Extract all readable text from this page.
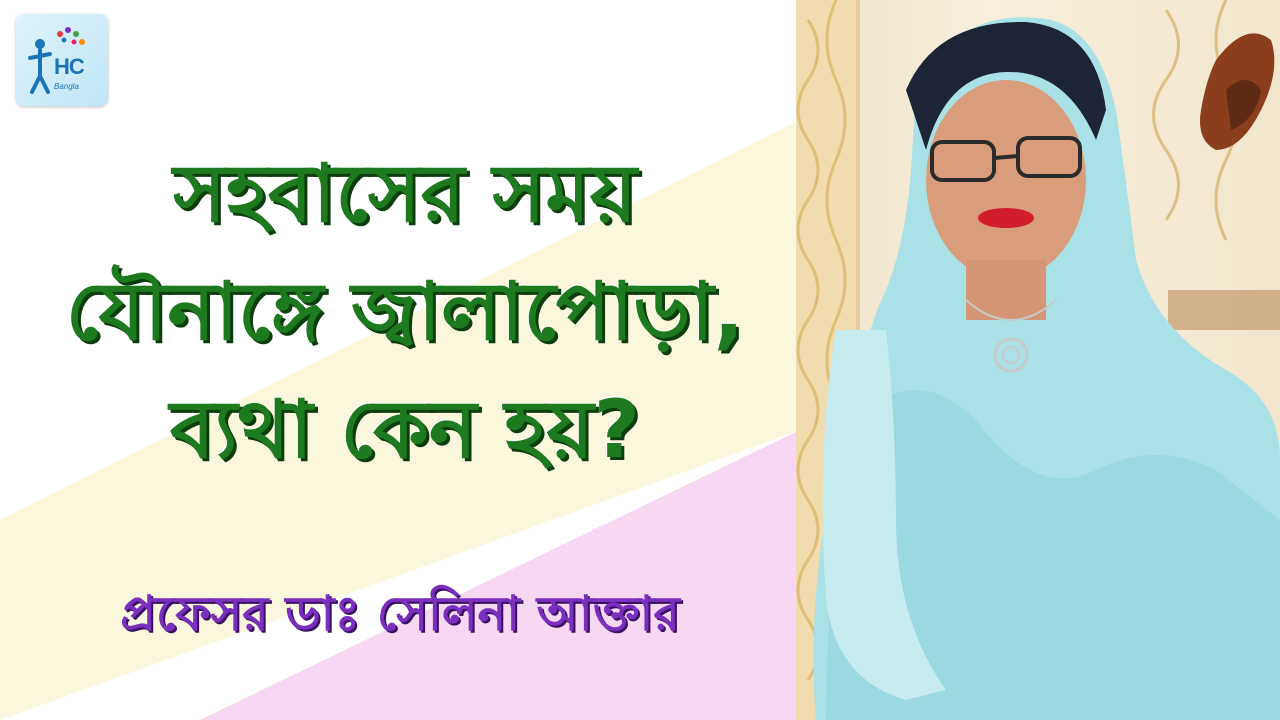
HC
Bangla
সহবাসের সময়
যৌনাঙ্গে জ্বালাপোড়া,
ব্যথা কেন হয়?

প্রফেসর ডাঃ সেলিনা আক্তার
